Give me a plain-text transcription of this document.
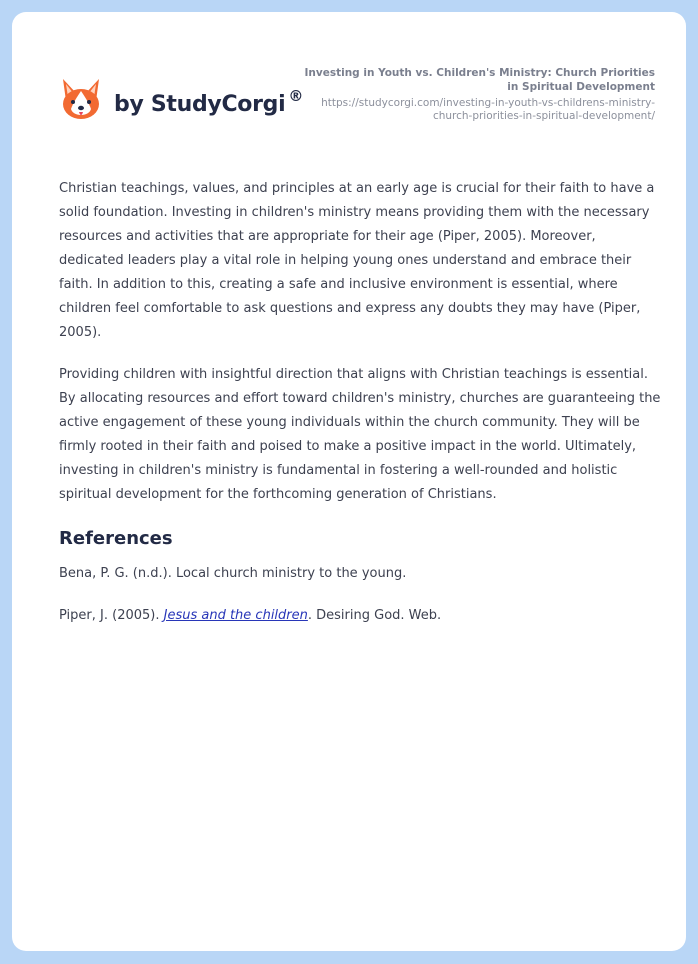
by StudyCorgi ®
Investing in Youth vs. Children's Ministry: Church Priorities in Spiritual Development
https://studycorgi.com/investing-in-youth-vs-childrens-ministry-church-priorities-in-spiritual-development/

Christian teachings, values, and principles at an early age is crucial for their faith to have a solid foundation. Investing in children's ministry means providing them with the necessary resources and activities that are appropriate for their age (Piper, 2005). Moreover, dedicated leaders play a vital role in helping young ones understand and embrace their faith. In addition to this, creating a safe and inclusive environment is essential, where children feel comfortable to ask questions and express any doubts they may have (Piper, 2005).

Providing children with insightful direction that aligns with Christian teachings is essential. By allocating resources and effort toward children's ministry, churches are guaranteeing the active engagement of these young individuals within the church community. They will be firmly rooted in their faith and poised to make a positive impact in the world. Ultimately, investing in children's ministry is fundamental in fostering a well-rounded and holistic spiritual development for the forthcoming generation of Christians.

References
Bena, P. G. (n.d.). Local church ministry to the young.
Piper, J. (2005). Jesus and the children. Desiring God. Web.
